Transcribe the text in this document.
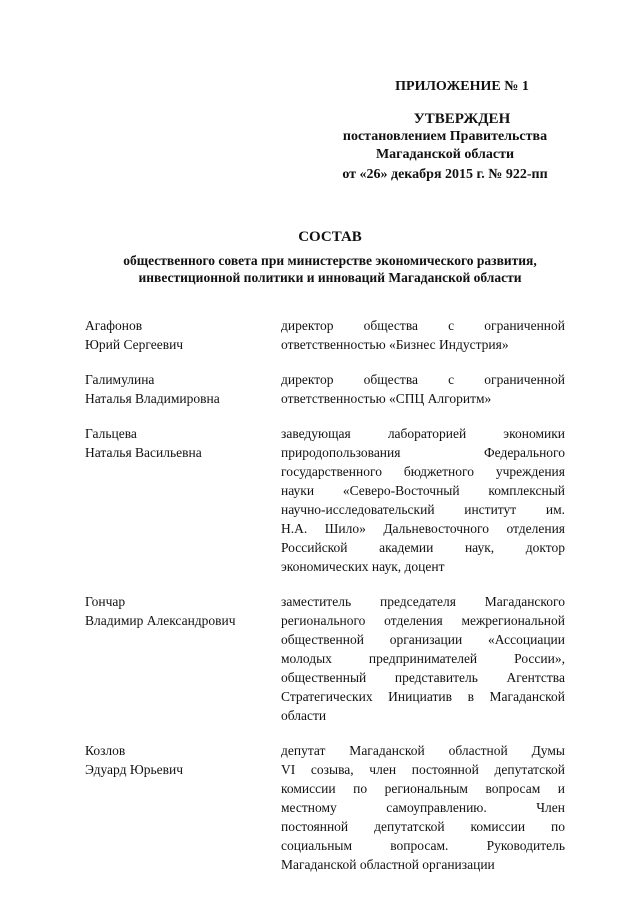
ПРИЛОЖЕНИЕ № 1
УТВЕРЖДЕН
постановлением Правительства
Магаданской области
от «26» декабря 2015 г. № 922-пп
СОСТАВ
общественного совета при министерстве экономического развития,
инвестиционной политики и инноваций Магаданской области
Агафонов
Юрий Сергеевич
директор общества с ограниченной
ответственностью «Бизнес Индустрия»
Галимулина
Наталья Владимировна
директор общества с ограниченной
ответственностью «СПЦ Алгоритм»
Гальцева
Наталья Васильевна
заведующая лабораторией экономики
природопользования Федерального
государственного бюджетного учреждения
науки «Северо-Восточный комплексный
научно-исследовательский институт им.
Н.А. Шило» Дальневосточного отделения
Российской академии наук, доктор
экономических наук, доцент
Гончар
Владимир Александрович
заместитель председателя Магаданского
регионального отделения межрегиональной
общественной организации «Ассоциации
молодых предпринимателей России»,
общественный представитель Агентства
Стратегических Инициатив в Магаданской
области
Козлов
Эдуард Юрьевич
депутат Магаданской областной Думы
VI созыва, член постоянной депутатской
комиссии по региональным вопросам и
местному самоуправлению. Член
постоянной депутатской комиссии по
социальным вопросам. Руководитель
Магаданской областной организации
